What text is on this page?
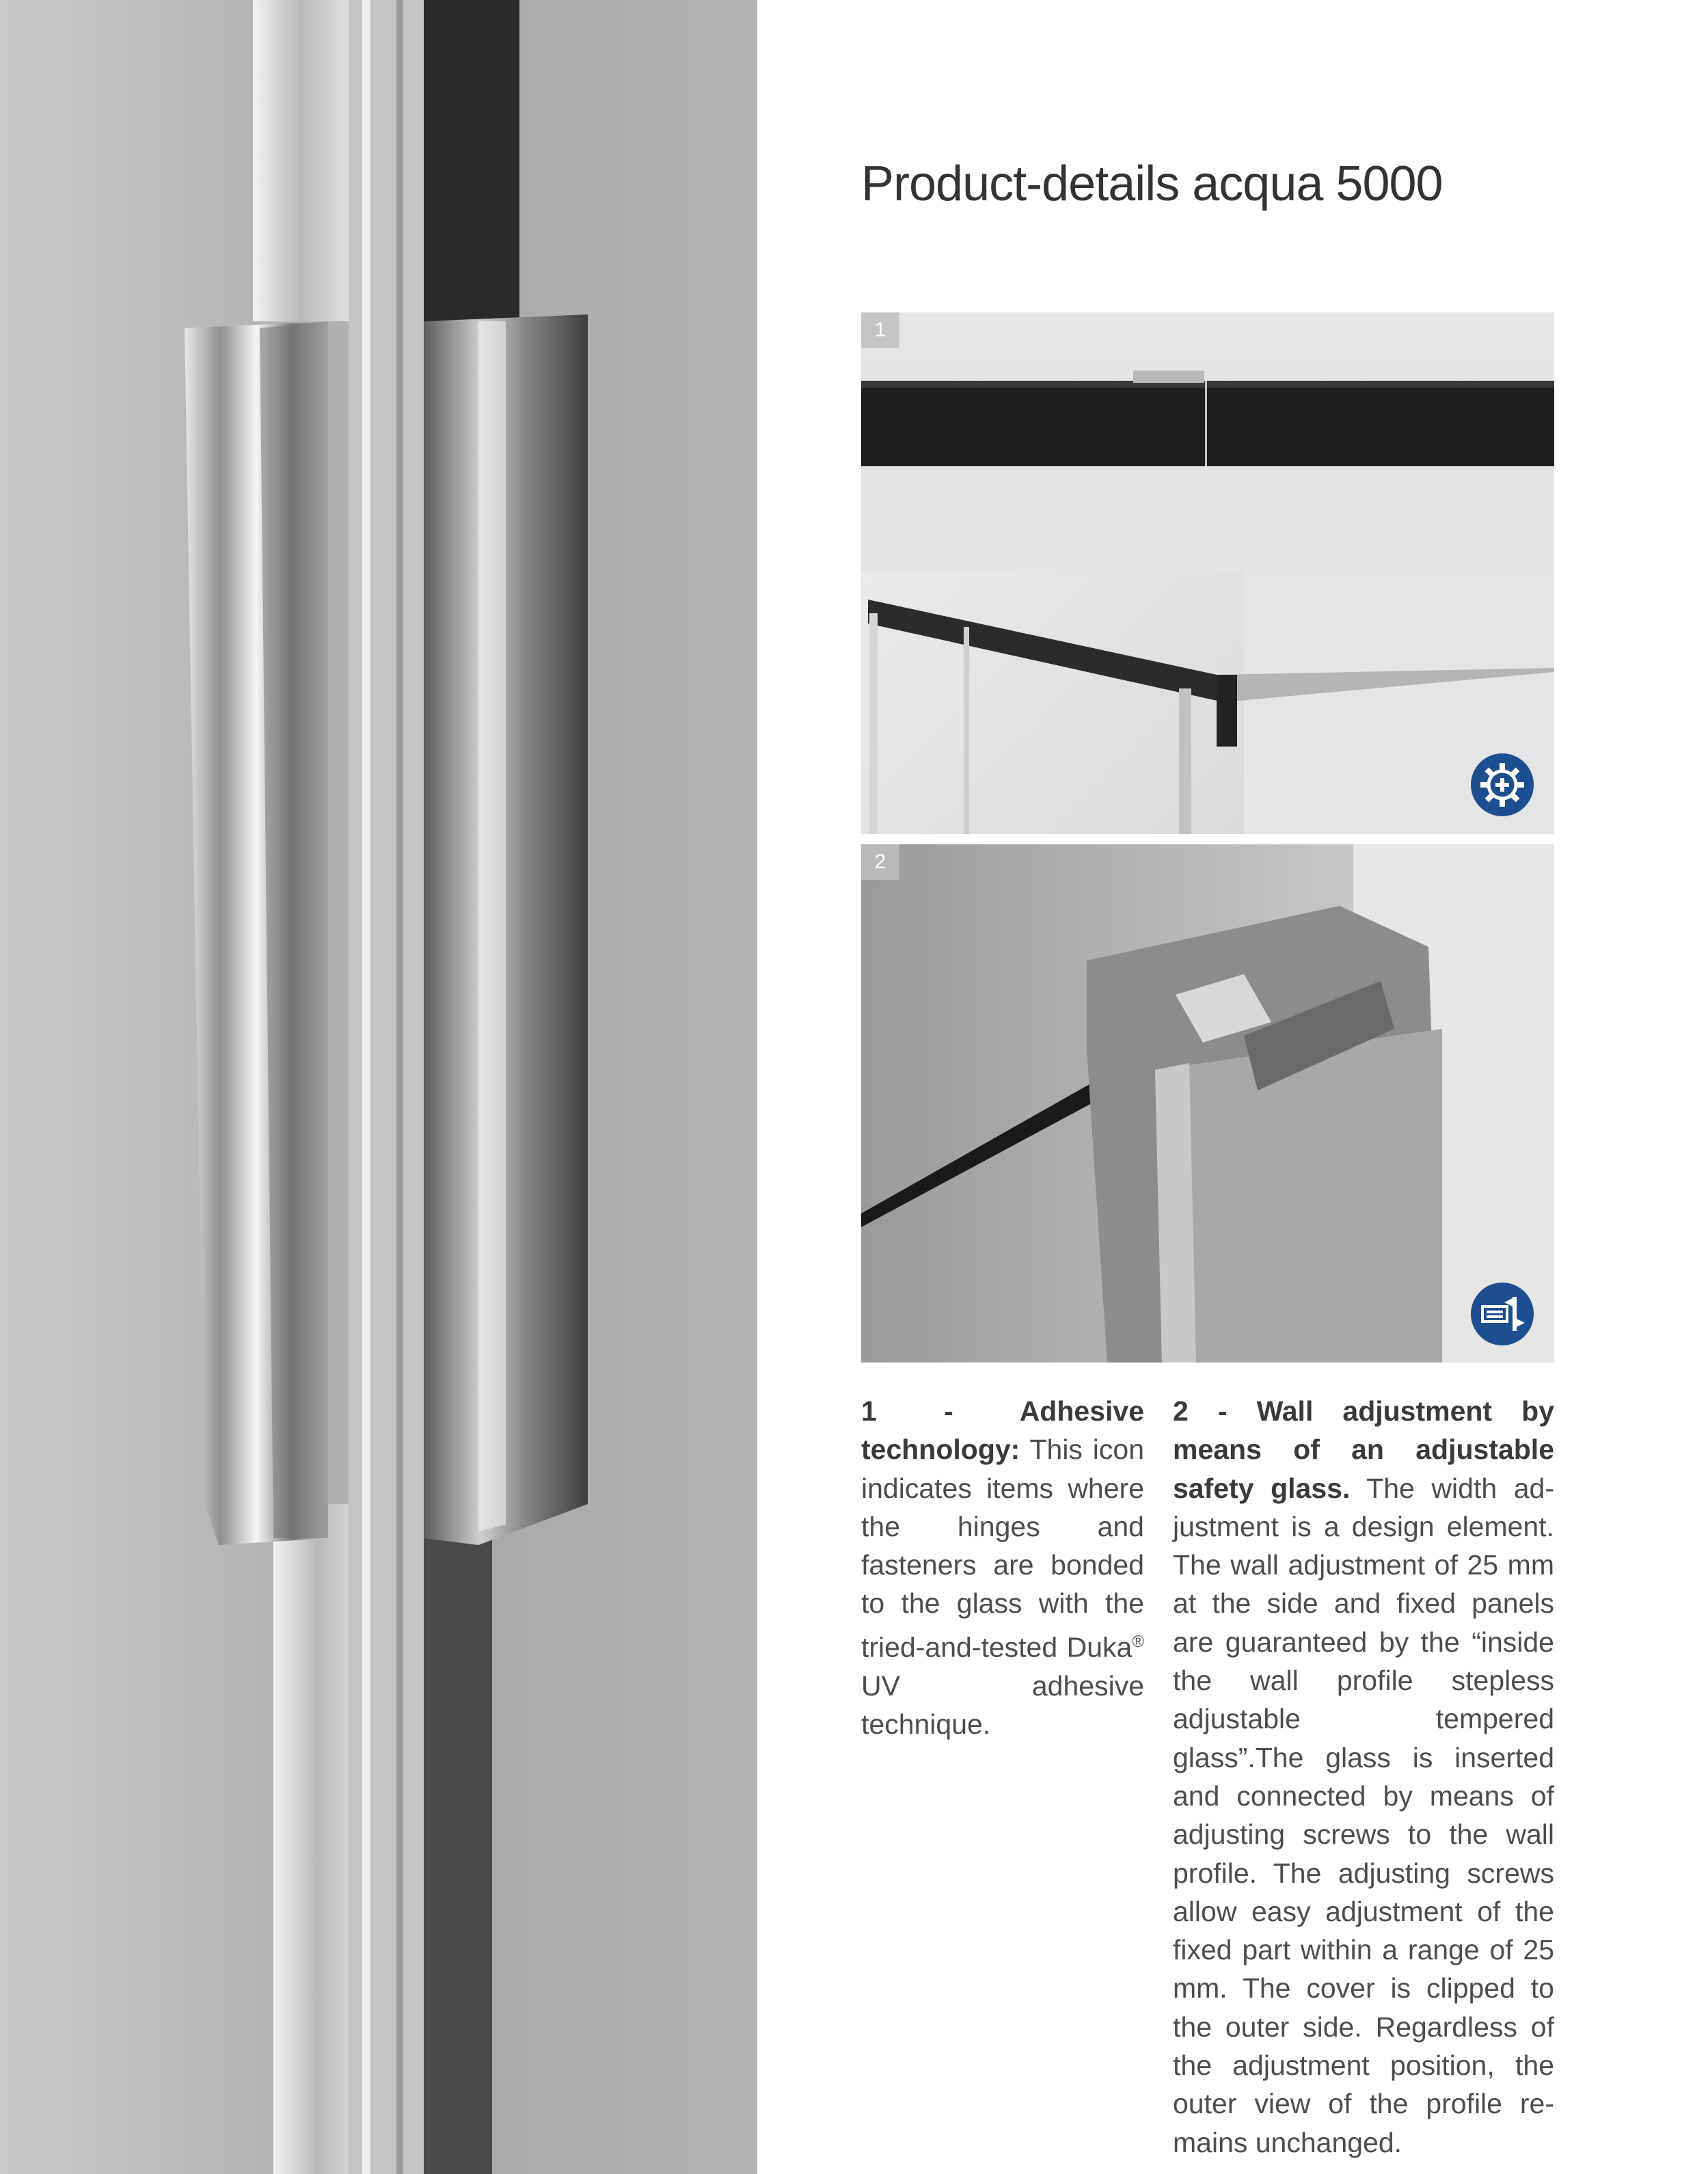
Product-details acqua 5000
1
2

1 - Adhesive technology: This icon indicates items where the hinges and fasteners are bonded to the glass with the tried-and-tested Duka® UV adhesive technique.

2 - Wall adjustment by means of an adjustable safety glass. The width adjustment is a design element. The wall adjustment of 25 mm at the side and fixed panels are guaranteed by the “inside the wall profile stepless adjustable tempered glass”.The glass is inserted and connected by means of adjusting screws to the wall profile. The adjusting screws allow easy adjustment of the fixed part within a range of 25 mm. The cover is clipped to the outer side. Regardless of the adjustment position, the outer view of the profile remains unchanged.
